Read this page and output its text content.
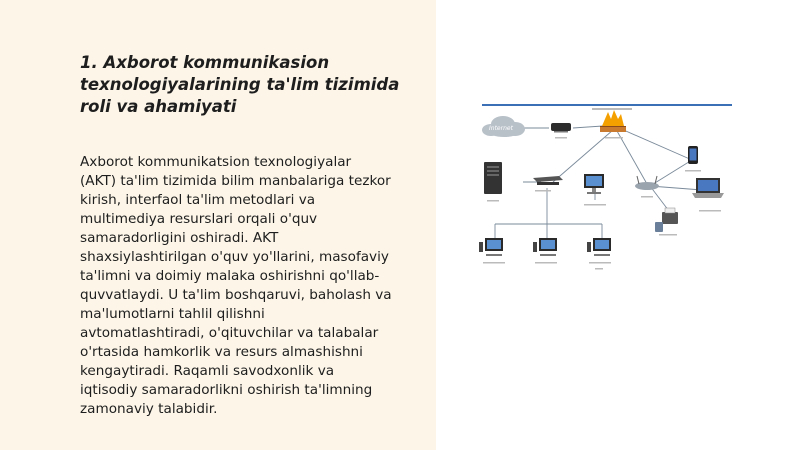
1. Axborot kommunikasion
texnologiyalarining ta'lim tizimida
roli va ahamiyati

Axborot kommunikatsion texnologiyalar
(AKT) ta'lim tizimida bilim manbalariga tezkor
kirish, interfaol ta'lim metodlari va
multimediya resurslari orqali o'quv
samaradorligini oshiradi. AKT
shaxsiylashtirilgan o'quv yo'llarini, masofaviy
ta'limni va doimiy malaka oshirishni qo'llab-
quvvatlaydi. U ta'lim boshqaruvi, baholash va
ma'lumotlarni tahlil qilishni
avtomatlashtiradi, o'qituvchilar va talabalar
o'rtasida hamkorlik va resurs almashishni
kengaytiradi. Raqamli savodxonlik va
iqtisodiy samaradorlikni oshirish ta'limning
zamonaviy talabidir.

Internet
